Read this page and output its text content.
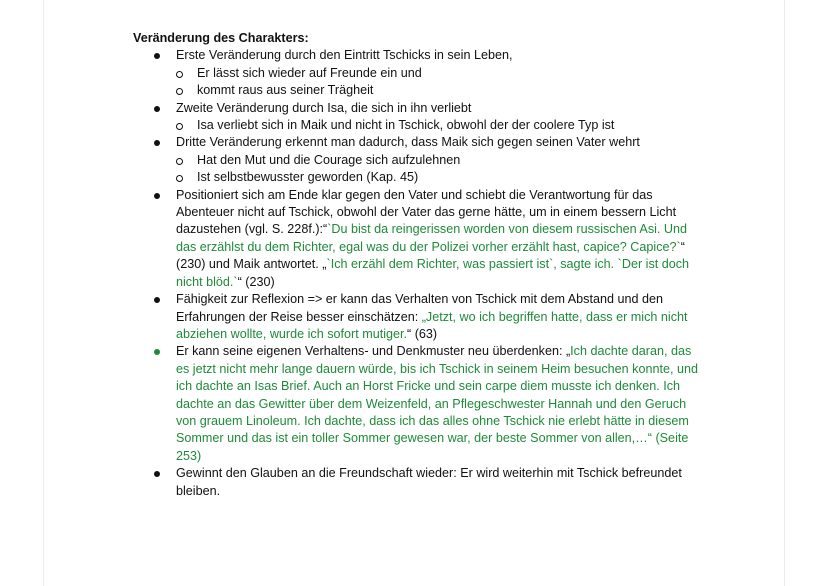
Veränderung des Charakters:
Erste Veränderung durch den Eintritt Tschicks in sein Leben,
Er lässt sich wieder auf Freunde ein und
kommt raus aus seiner Trägheit
Zweite Veränderung durch Isa, die sich in ihn verliebt
Isa verliebt sich in Maik und nicht in Tschick, obwohl der der coolere Typ ist
Dritte Veränderung erkennt man dadurch, dass Maik sich gegen seinen Vater wehrt
Hat den Mut und die Courage sich aufzulehnen
Ist selbstbewusster geworden (Kap. 45)
Positioniert sich am Ende klar gegen den Vater und schiebt die Verantwortung für das Abenteuer nicht auf Tschick, obwohl der Vater das gerne hätte, um in einem bessern Licht dazustehen (vgl. S. 228f.):“`Du bist da reingerissen worden von diesem russischen Asi. Und das erzählst du dem Richter, egal was du der Polizei vorher erzählt hast, capice? Capice?`“ (230) und Maik antwortet. „`Ich erzähl dem Richter, was passiert ist`, sagte ich. `Der ist doch nicht blöd.`“ (230)
Fähigkeit zur Reflexion => er kann das Verhalten von Tschick mit dem Abstand und den Erfahrungen der Reise besser einschätzen: „Jetzt, wo ich begriffen hatte, dass er mich nicht abziehen wollte, wurde ich sofort mutiger.“ (63)
Er kann seine eigenen Verhaltens- und Denkmuster neu überdenken: „Ich dachte daran, das es jetzt nicht mehr lange dauern würde, bis ich Tschick in seinem Heim besuchen konnte, und ich dachte an Isas Brief. Auch an Horst Fricke und sein carpe diem musste ich denken. Ich dachte an das Gewitter über dem Weizenfeld, an Pflegeschwester Hannah und den Geruch von grauem Linoleum. Ich dachte, dass ich das alles ohne Tschick nie erlebt hätte in diesem Sommer und das ist ein toller Sommer gewesen war, der beste Sommer von allen,…“ (Seite 253)
Gewinnt den Glauben an die Freundschaft wieder: Er wird weiterhin mit Tschick befreundet bleiben.
